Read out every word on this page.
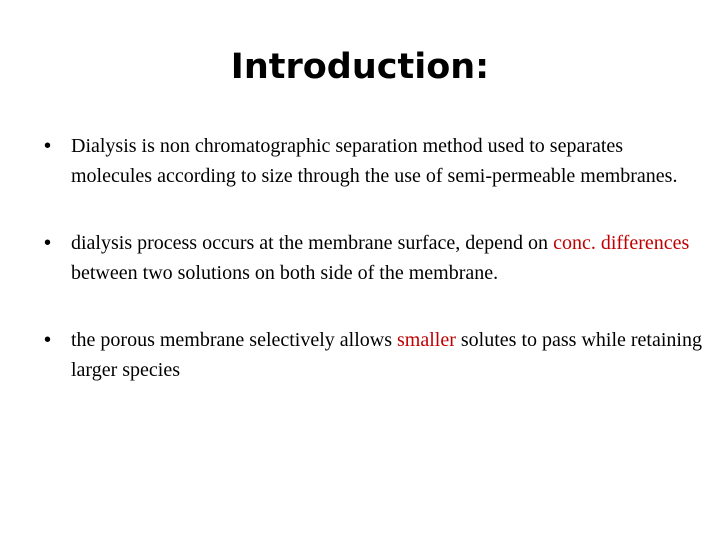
Introduction:
• Dialysis is non chromatographic separation method used to separates molecules according to size through the use of semi-permeable membranes.
• dialysis process occurs at the membrane surface, depend on conc. differences between two solutions on both side of the membrane.
• the porous membrane selectively allows smaller solutes to pass while retaining larger species
